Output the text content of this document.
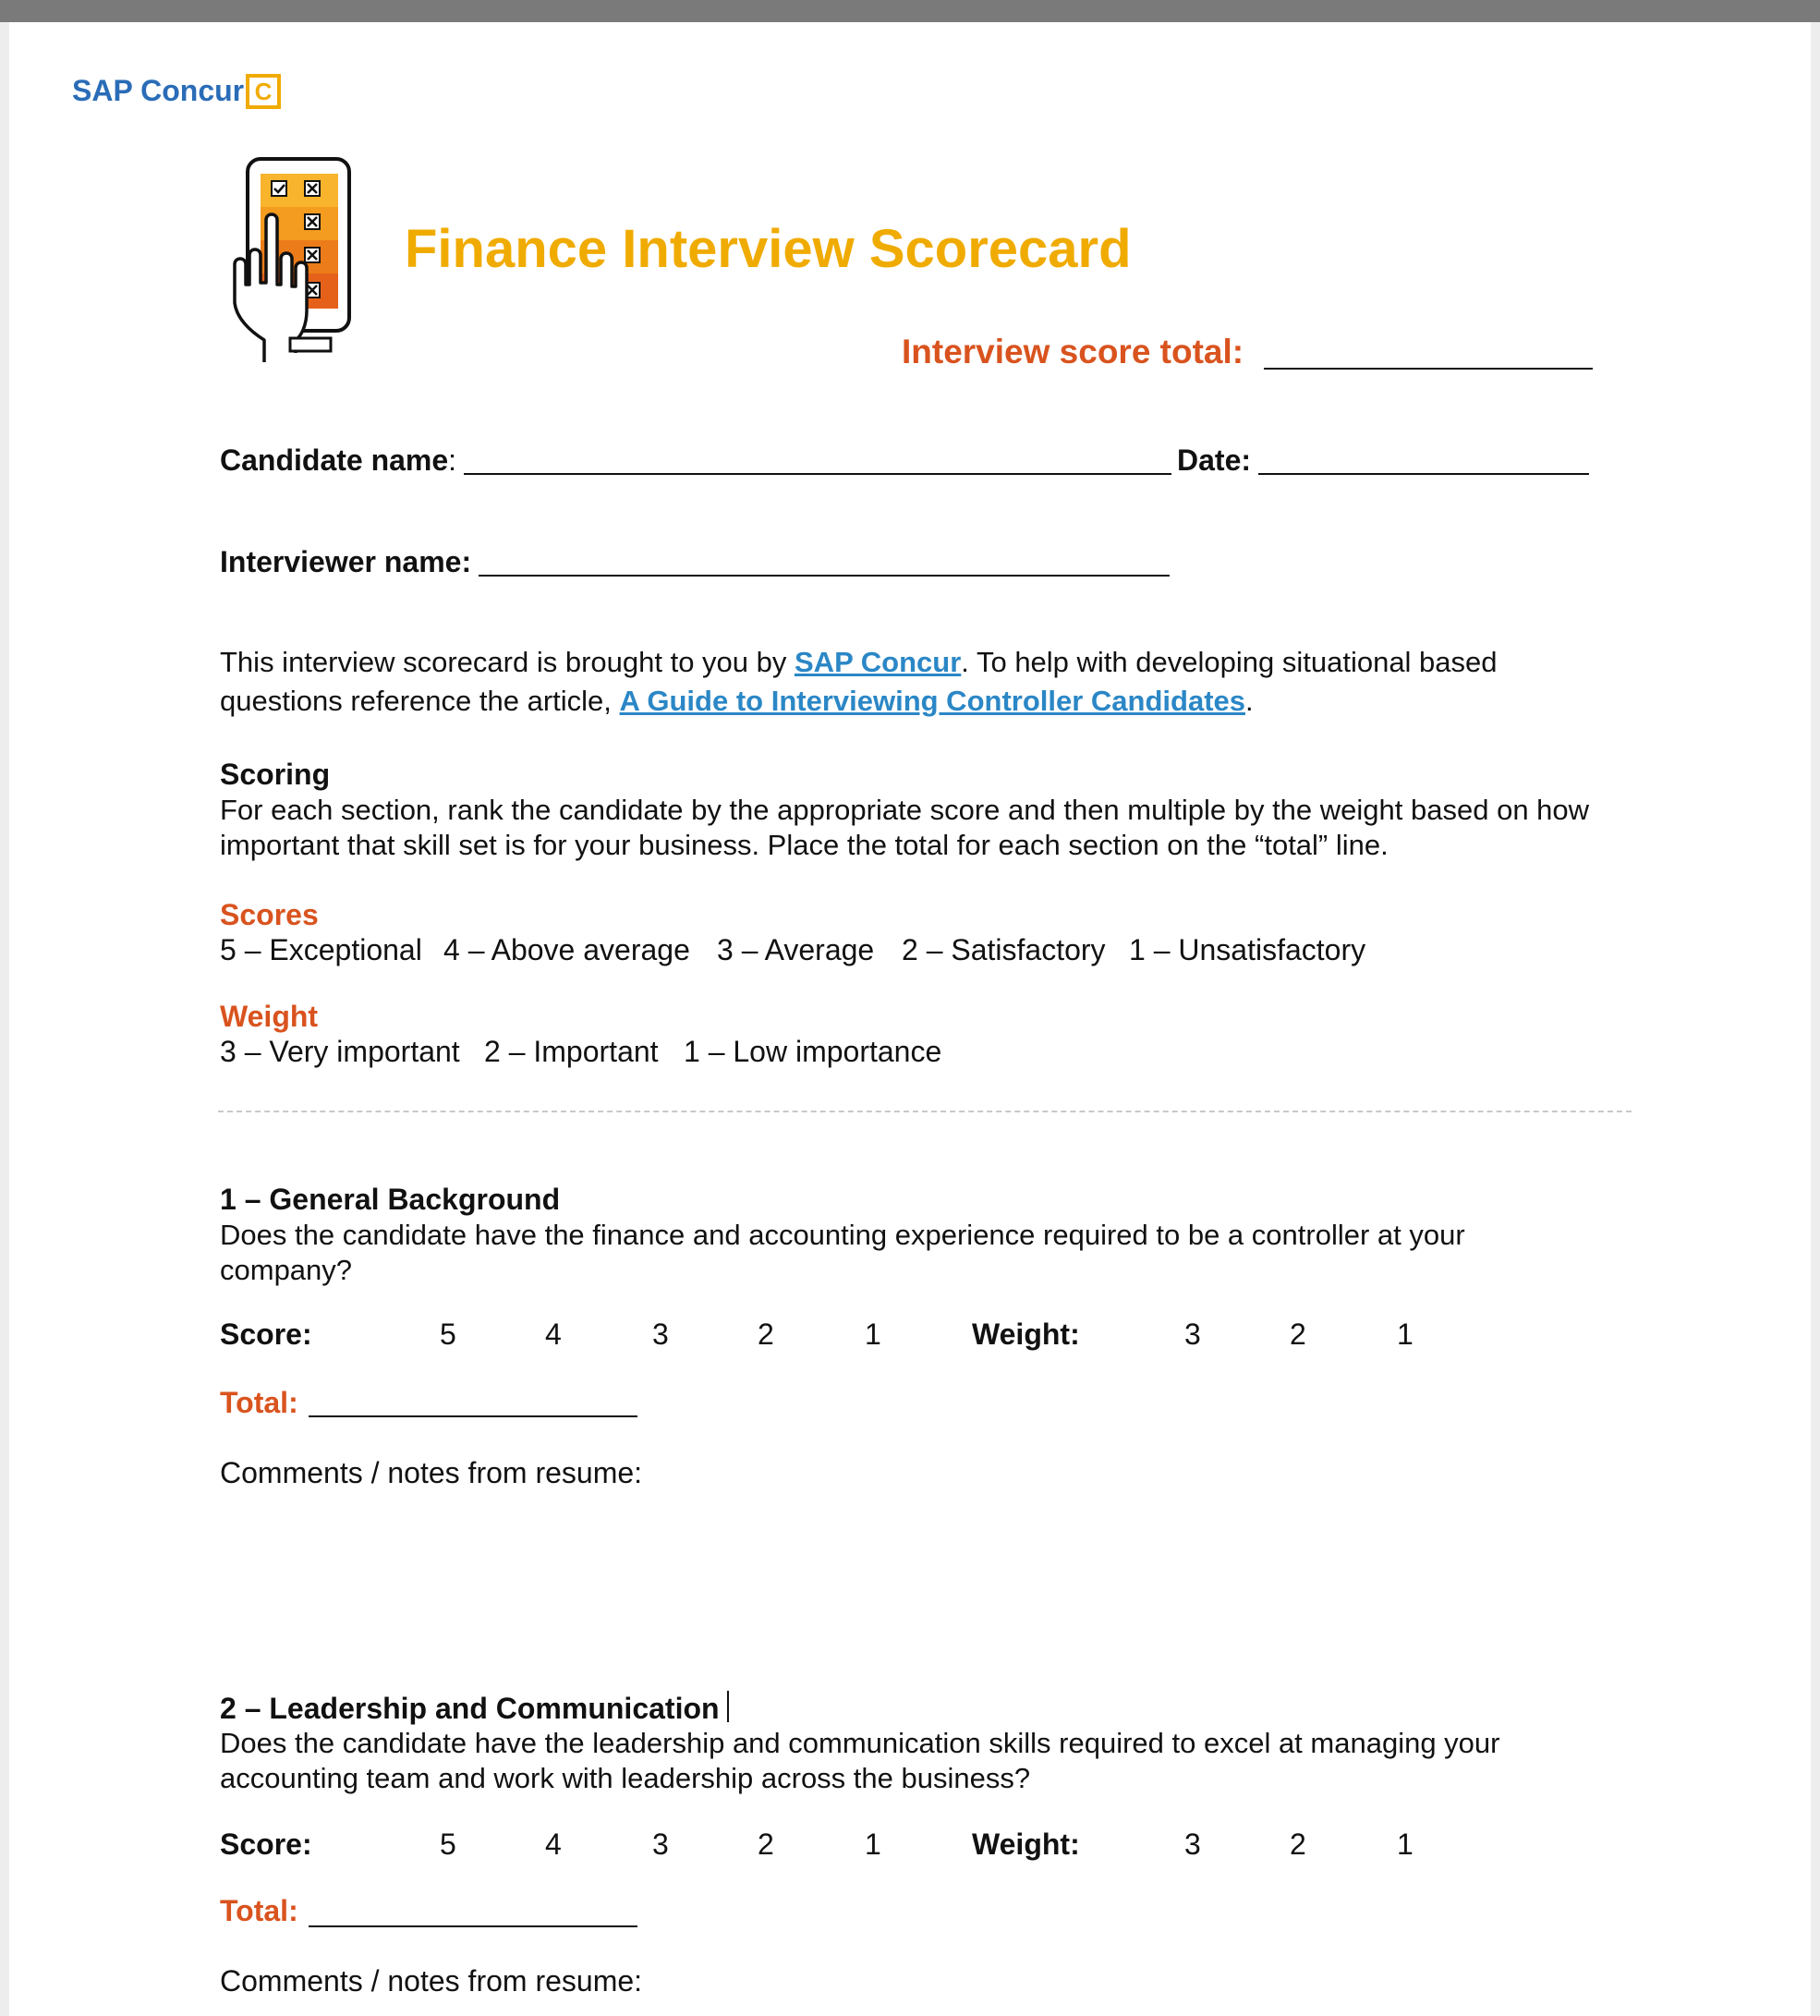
SAP Concur C
Finance Interview Scorecard
Interview score total:
Candidate name:	Date:
Interviewer name:
This interview scorecard is brought to you by SAP Concur. To help with developing situational based questions reference the article, A Guide to Interviewing Controller Candidates.
Scoring
For each section, rank the candidate by the appropriate score and then multiple by the weight based on how important that skill set is for your business. Place the total for each section on the “total” line.
Scores
5 – Exceptional 4 – Above average 3 – Average 2 – Satisfactory 1 – Unsatisfactory
Weight
3 – Very important 2 – Important 1 – Low importance
1 – General Background
Does the candidate have the finance and accounting experience required to be a controller at your company?
Score:	5	4	3	2	1	Weight:	3	2	1
Total:
Comments / notes from resume:
2 – Leadership and Communication
Does the candidate have the leadership and communication skills required to excel at managing your accounting team and work with leadership across the business?
Score:	5	4	3	2	1	Weight:	3	2	1
Total:
Comments / notes from resume:
